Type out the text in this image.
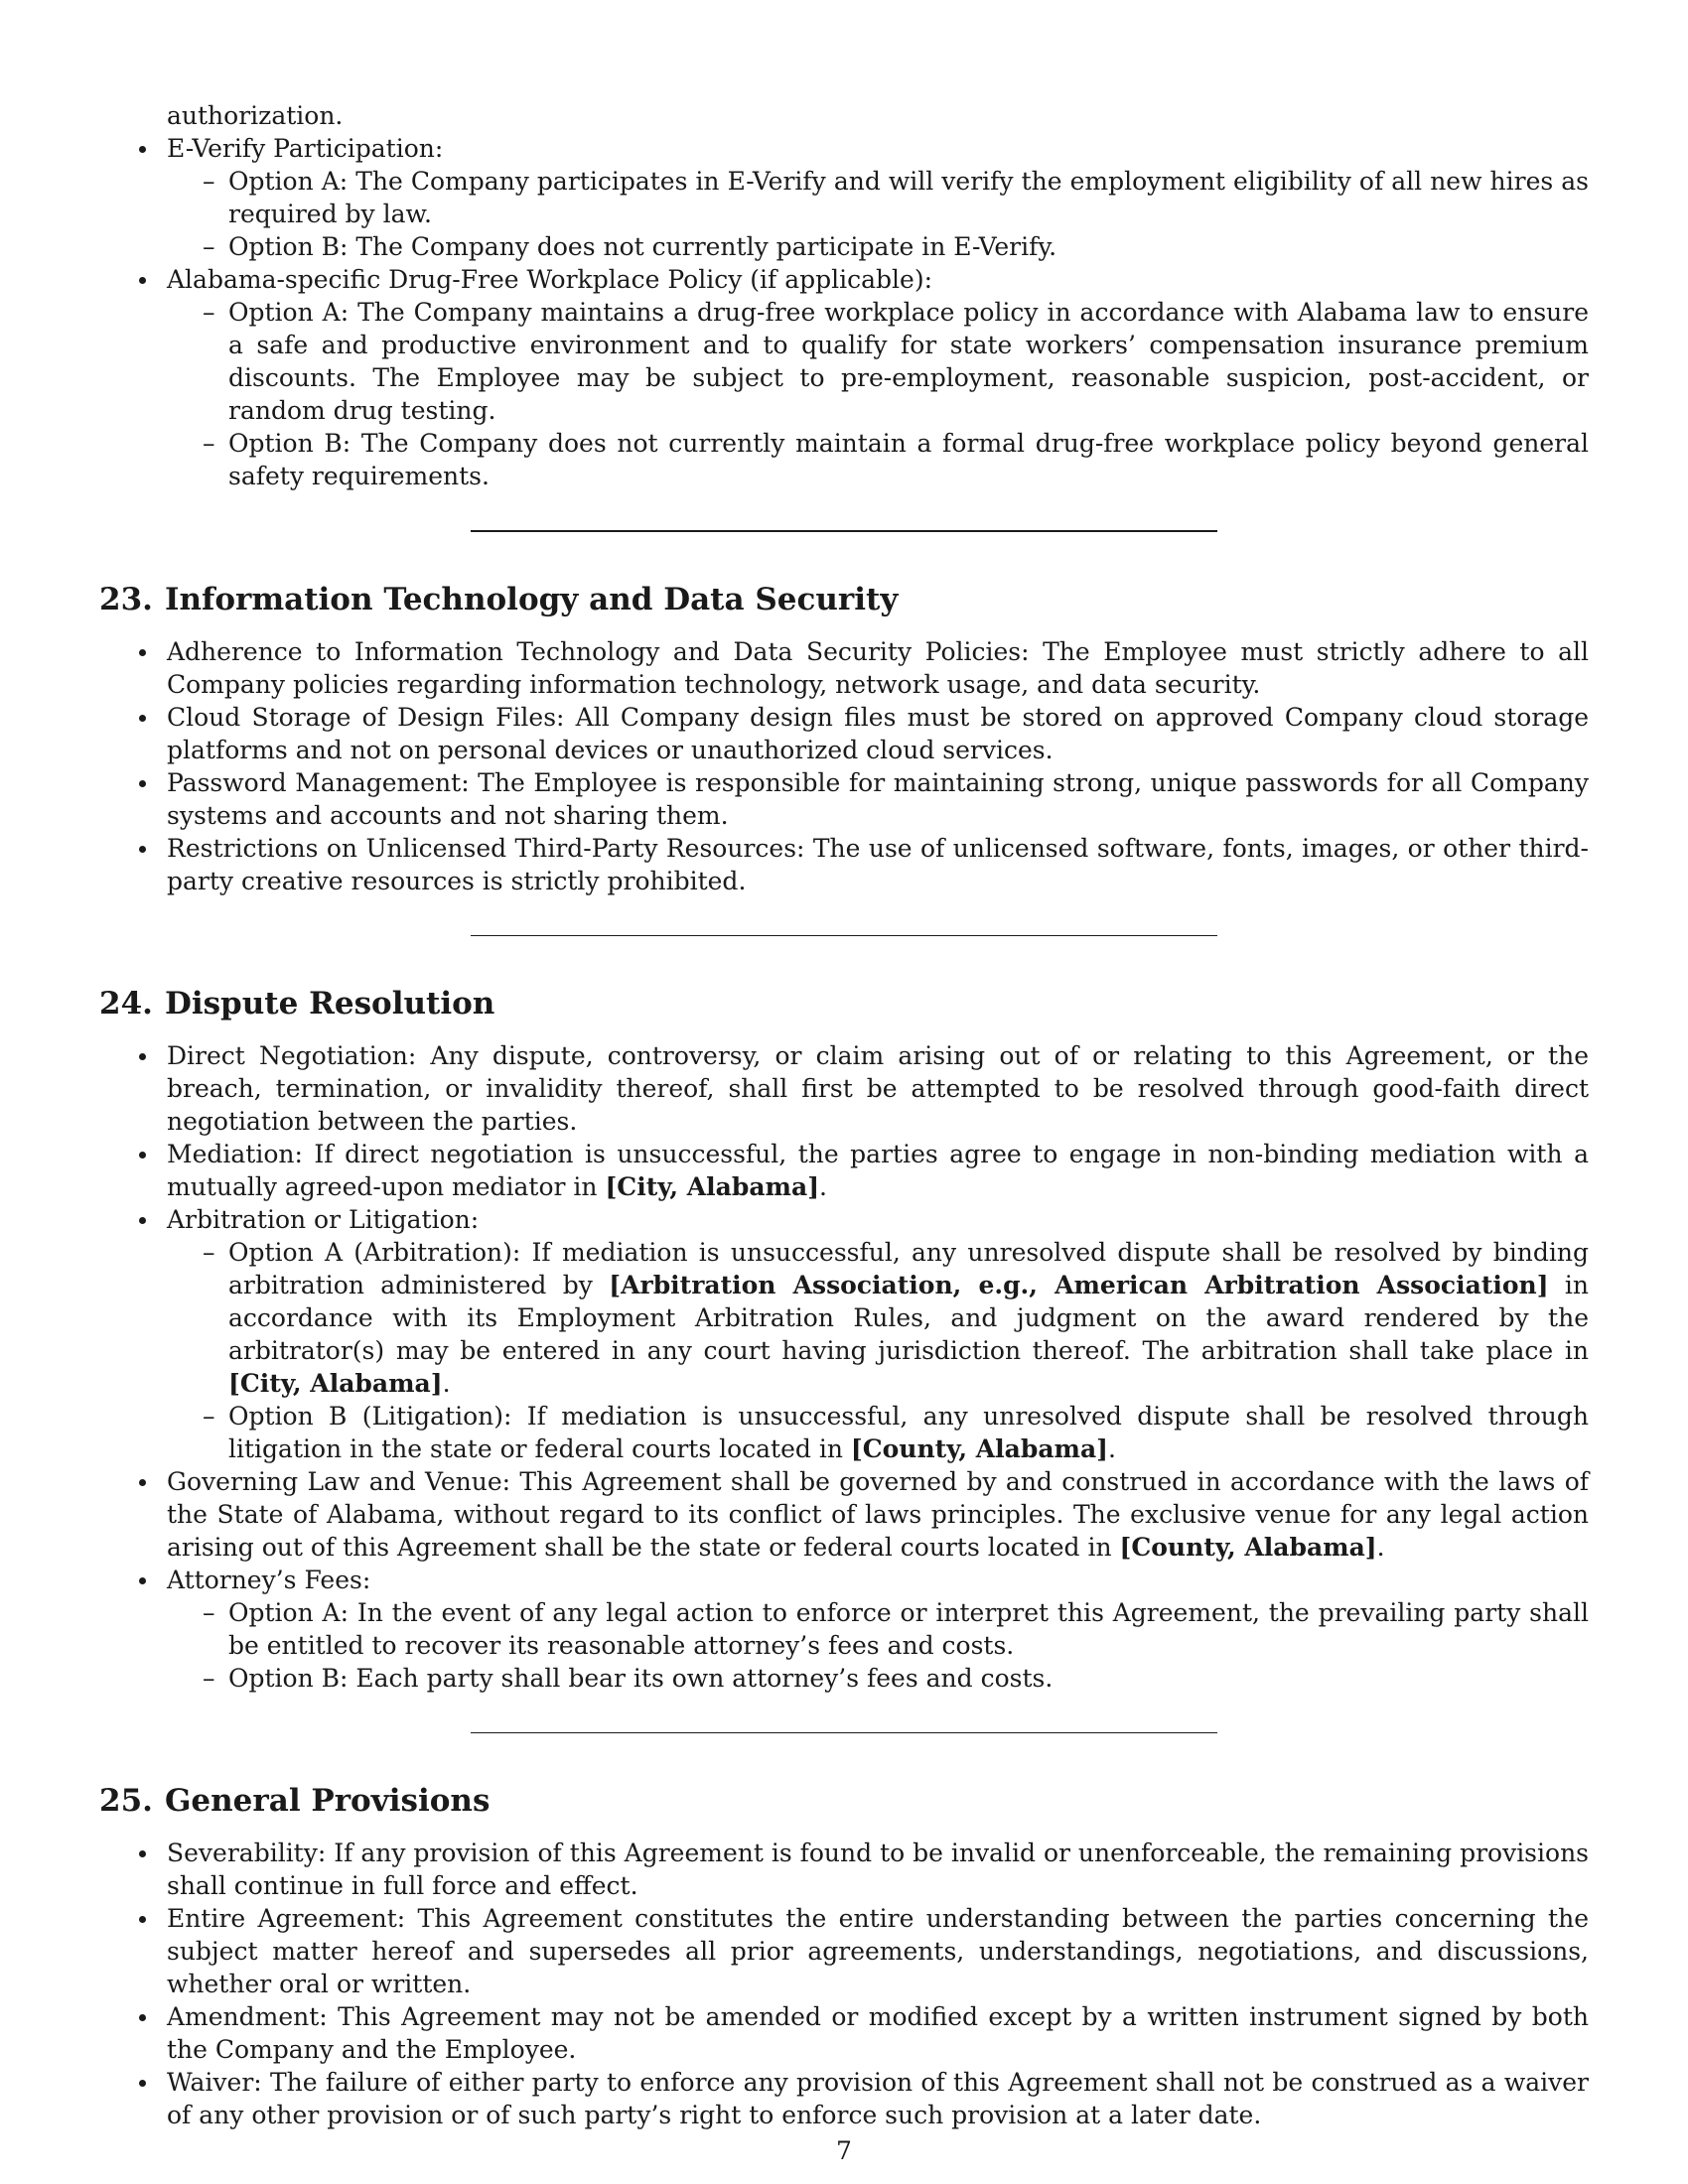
authorization.
E-Verify Participation:
– Option A: The Company participates in E-Verify and will verify the employment eligibility of all new hires as required by law.
– Option B: The Company does not currently participate in E-Verify.
Alabama-specific Drug-Free Workplace Policy (if applicable):
– Option A: The Company maintains a drug-free workplace policy in accordance with Alabama law to ensure a safe and productive environment and to qualify for state workers’ compensation insurance premium discounts. The Employee may be subject to pre-employment, reasonable suspicion, post-accident, or random drug testing.
– Option B: The Company does not currently maintain a formal drug-free workplace policy beyond general safety requirements.
23. Information Technology and Data Security
Adherence to Information Technology and Data Security Policies: The Employee must strictly adhere to all Company policies regarding information technology, network usage, and data security.
Cloud Storage of Design Files: All Company design files must be stored on approved Company cloud storage platforms and not on personal devices or unauthorized cloud services.
Password Management: The Employee is responsible for maintaining strong, unique passwords for all Company systems and accounts and not sharing them.
Restrictions on Unlicensed Third-Party Resources: The use of unlicensed software, fonts, images, or other third-party creative resources is strictly prohibited.
24. Dispute Resolution
Direct Negotiation: Any dispute, controversy, or claim arising out of or relating to this Agreement, or the breach, termination, or invalidity thereof, shall first be attempted to be resolved through good-faith direct negotiation between the parties.
Mediation: If direct negotiation is unsuccessful, the parties agree to engage in non-binding mediation with a mutually agreed-upon mediator in [City, Alabama].
Arbitration or Litigation:
– Option A (Arbitration): If mediation is unsuccessful, any unresolved dispute shall be resolved by binding arbitration administered by [Arbitration Association, e.g., American Arbitration Association] in accordance with its Employment Arbitration Rules, and judgment on the award rendered by the arbitrator(s) may be entered in any court having jurisdiction thereof. The arbitration shall take place in [City, Alabama].
– Option B (Litigation): If mediation is unsuccessful, any unresolved dispute shall be resolved through litigation in the state or federal courts located in [County, Alabama].
Governing Law and Venue: This Agreement shall be governed by and construed in accordance with the laws of the State of Alabama, without regard to its conflict of laws principles. The exclusive venue for any legal action arising out of this Agreement shall be the state or federal courts located in [County, Alabama].
Attorney’s Fees:
– Option A: In the event of any legal action to enforce or interpret this Agreement, the prevailing party shall be entitled to recover its reasonable attorney’s fees and costs.
– Option B: Each party shall bear its own attorney’s fees and costs.
25. General Provisions
Severability: If any provision of this Agreement is found to be invalid or unenforceable, the remaining provisions shall continue in full force and effect.
Entire Agreement: This Agreement constitutes the entire understanding between the parties concerning the subject matter hereof and supersedes all prior agreements, understandings, negotiations, and discussions, whether oral or written.
Amendment: This Agreement may not be amended or modified except by a written instrument signed by both the Company and the Employee.
Waiver: The failure of either party to enforce any provision of this Agreement shall not be construed as a waiver of any other provision or of such party’s right to enforce such provision at a later date.
7
